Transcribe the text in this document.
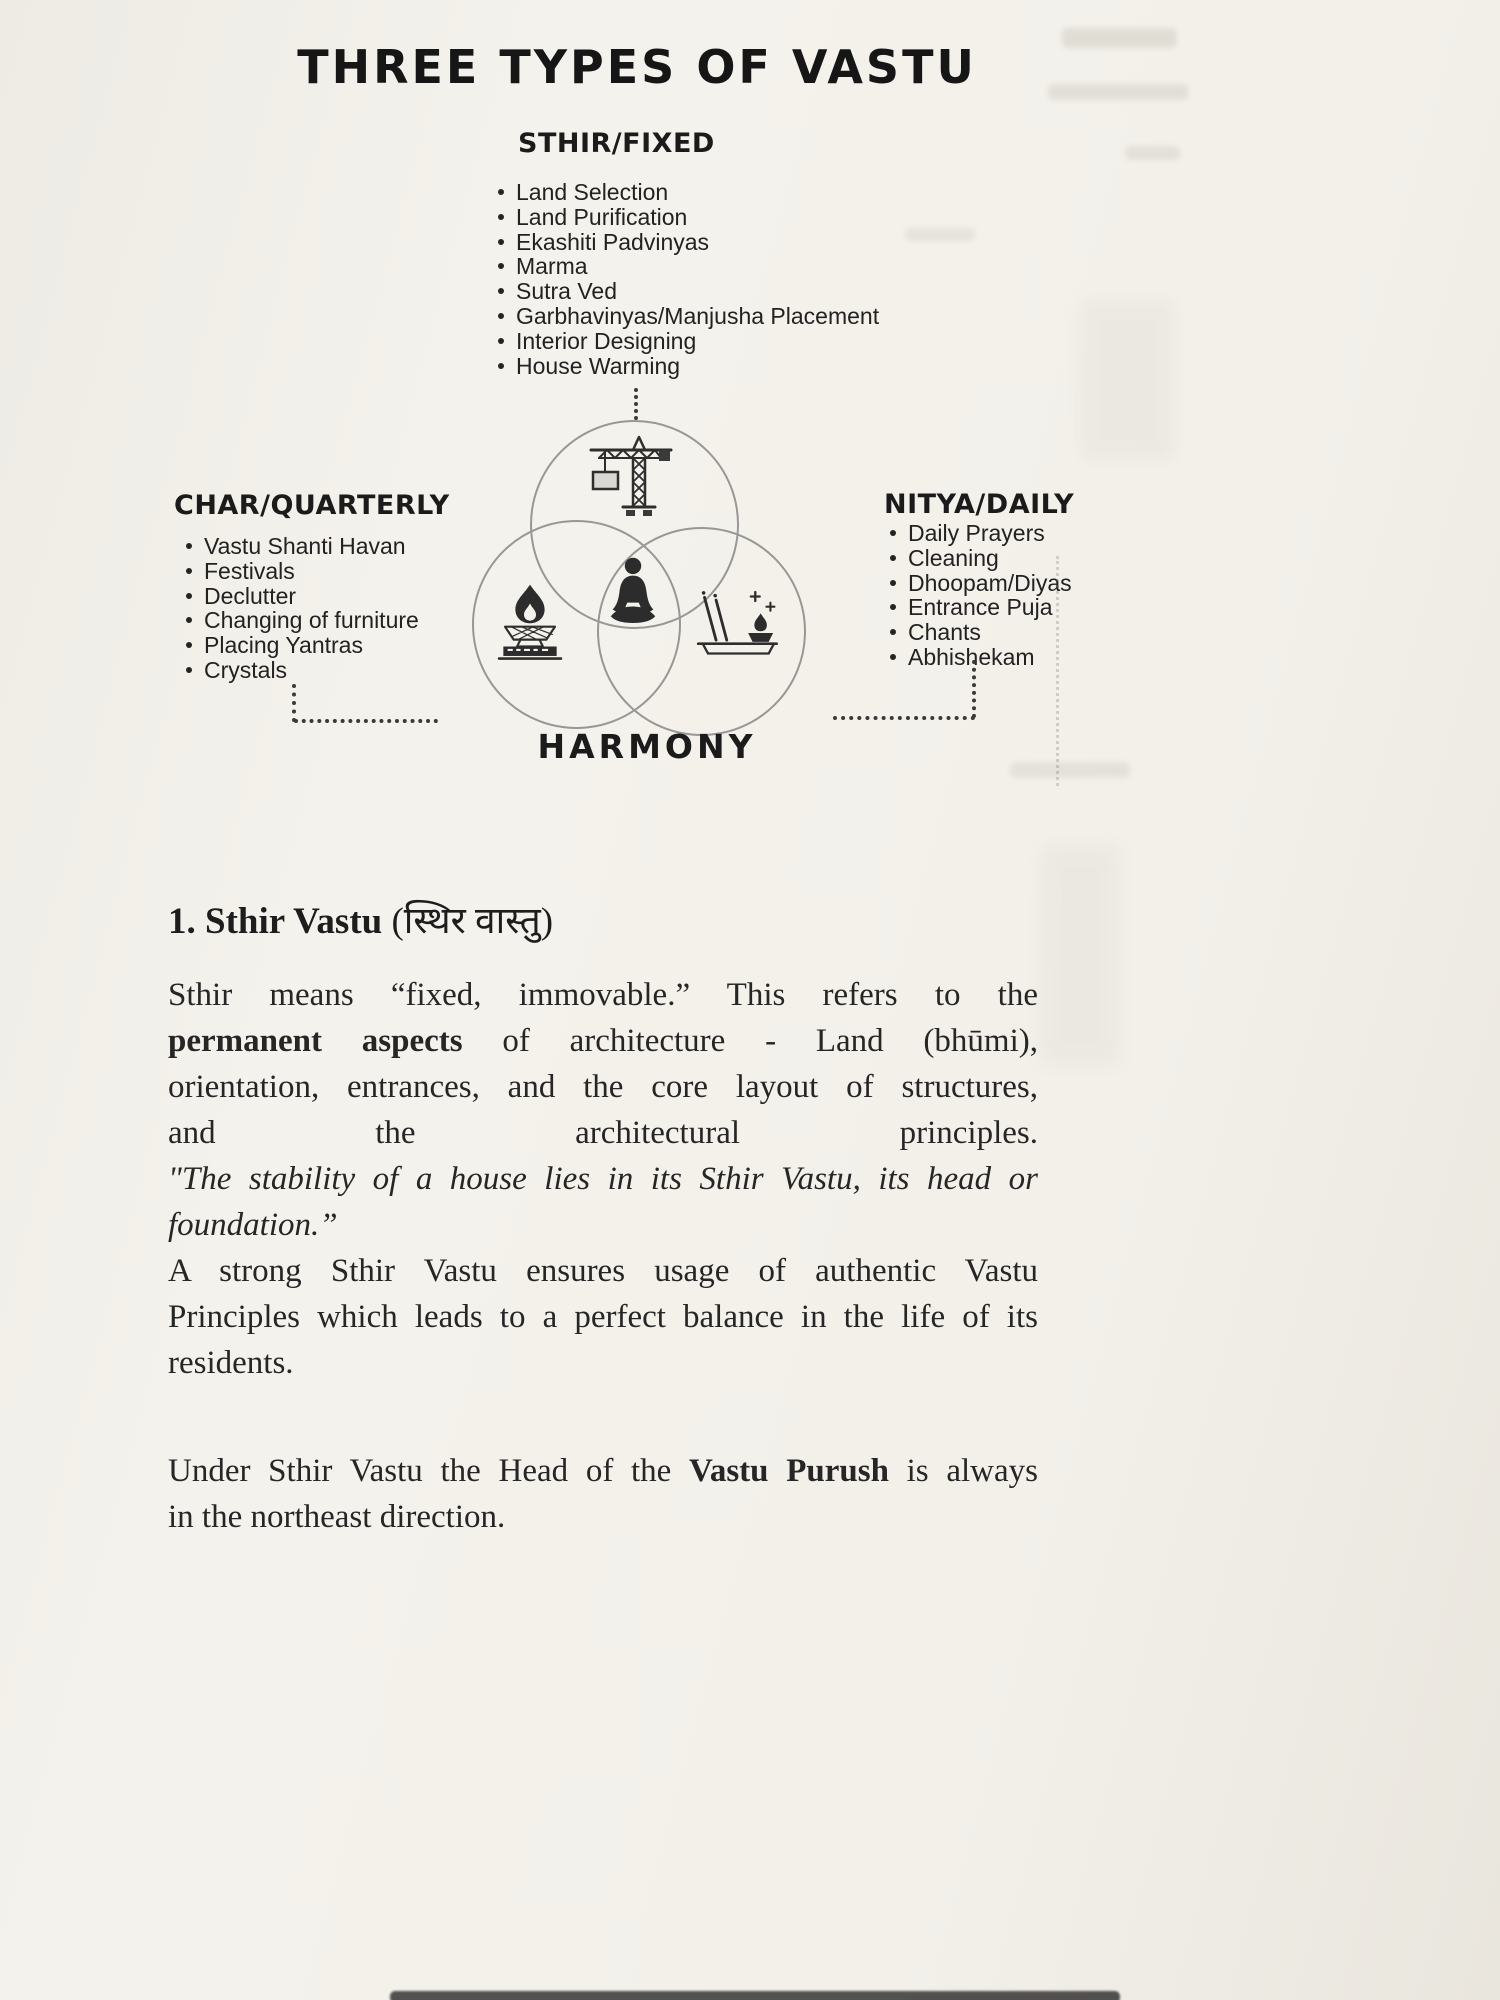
THREE TYPES OF VASTU
STHIR/FIXED
CHAR/QUARTERLY	NITYA/DAILY
Land Selection
Land Purification
Ekashiti Padvinyas
Marma
Sutra Ved
Garbhavinyas/Manjusha Placement
Interior Designing
House Warming
Vastu Shanti Havan
Festivals
Declutter
Changing of furniture
Placing Yantras
Crystals
Daily Prayers
Cleaning
Dhoopam/Diyas
Entrance Puja
Chants
Abhishekam
HARMONY
1. Sthir Vastu (स्थिर वास्तु)
Sthir means “fixed, immovable.” This refers to the
permanent aspects of architecture - Land (bhūmi),
orientation, entrances, and the core layout of structures,
and the architectural principles.
"The stability of a house lies in its Sthir Vastu, its head or
foundation.”
A strong Sthir Vastu ensures usage of authentic Vastu
Principles which leads to a perfect balance in the life of its
residents.
Under Sthir Vastu the Head of the Vastu Purush is always
in the northeast direction.
